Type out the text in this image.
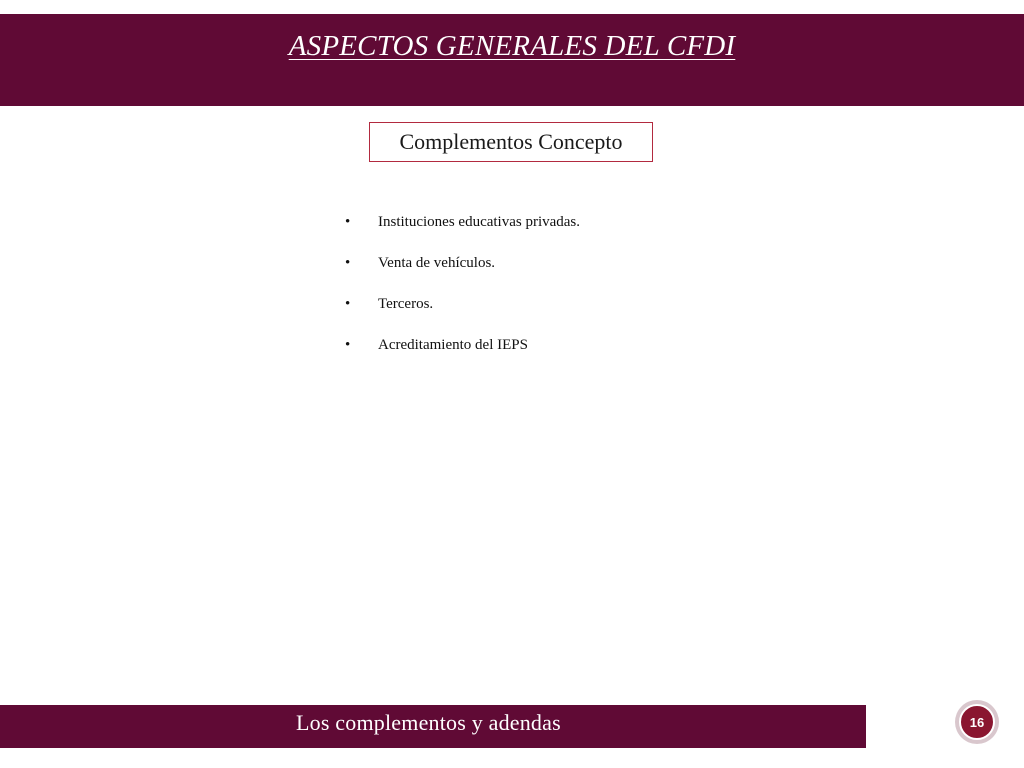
ASPECTOS GENERALES DEL CFDI
Complementos Concepto
•	Instituciones educativas privadas.
•	Venta de vehículos.
•	Terceros.
•	Acreditamiento del IEPS
Los complementos y adendas	16
